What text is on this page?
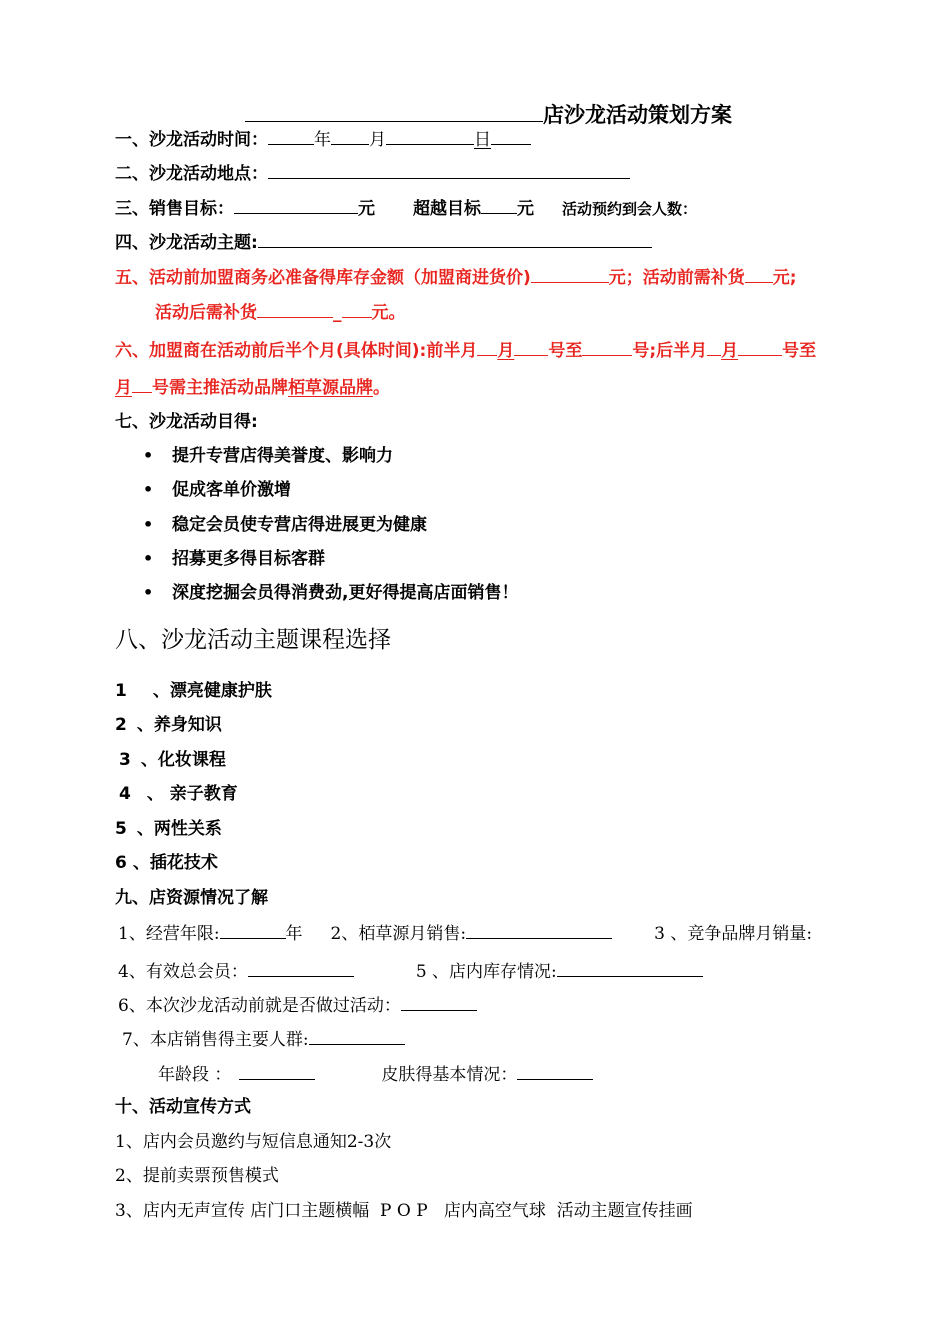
店沙龙活动策划方案
一、沙龙活动时间：	年 月	日
二、沙龙活动地点：
三、销售目标：	元 超越目标 元 活动预约到会人数：
四、沙龙活动主题:
五、活动前加盟商务必准备得库存金额（加盟商进货价)	元；活动前需补货 元;
活动后需补货	_ 元。
六、加盟商在活动前后半个月(具体时间):前半月 月 号至	号;后半月 月	号至
月 号需主推活动品牌栢草源品牌。
七、沙龙活动目得:
• 提升专营店得美誉度、影响力
• 促成客单价激增
• 稳定会员使专营店得进展更为健康
• 招募更多得目标客群
• 深度挖掘会员得消费劲,更好得提高店面销售！
八、沙龙活动主题课程选择
1 、漂亮健康护肤
2 、养身知识
3 、化妆课程
4 、 亲子教育
5 、两性关系
6 、插花技术
九、店资源情况了解
1、经营年限:	年 2、栢草源月销售:	3 、竞争品牌月销量:
4、有效总会员：	5 、店内库存情况:
6、本次沙龙活动前就是否做过活动：
7、本店销售得主要人群:
年龄段 ：	皮肤得基本情况：
十、活动宣传方式
1、店内会员邀约与短信息通知2-3次
2、提前卖票预售模式
3、店内无声宣传 店门口主题横幅  P O P   店内高空气球  活动主题宣传挂画
